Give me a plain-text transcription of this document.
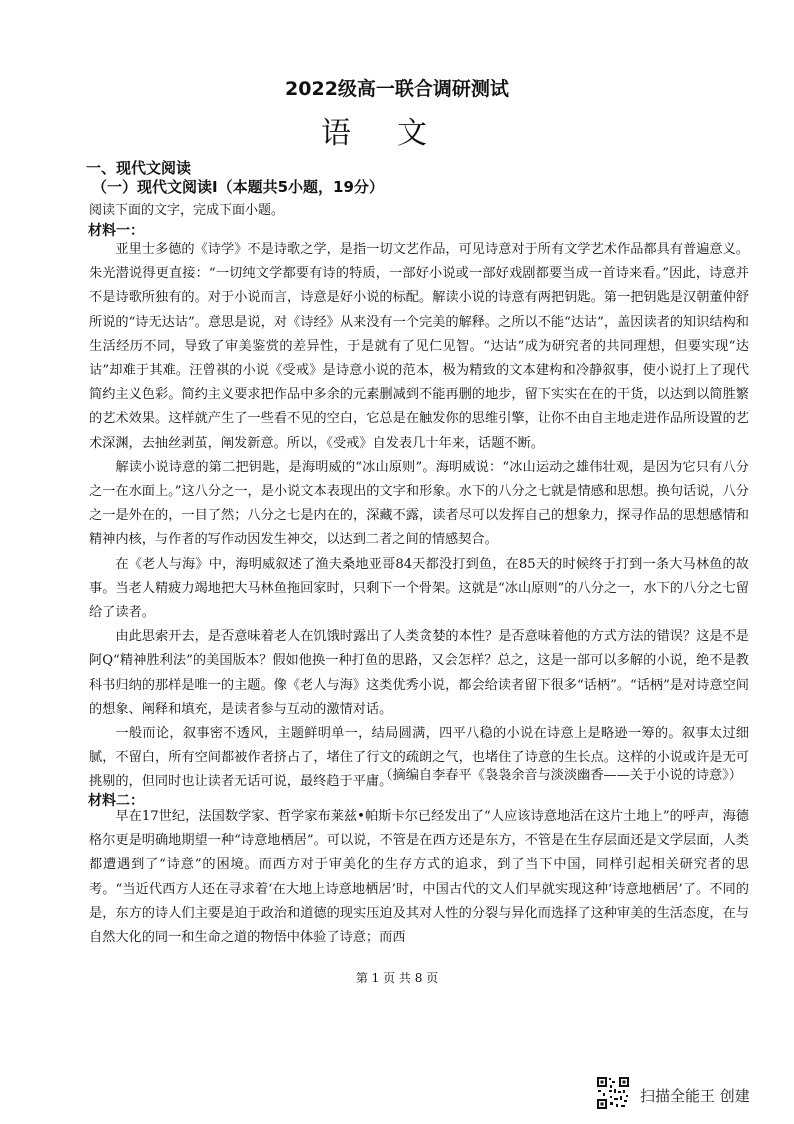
2022级高一联合调研测试
语文
一、现代文阅读
（一）现代文阅读Ⅰ（本题共5小题，19分）
阅读下面的文字，完成下面小题。
材料一：

亚里士多德的《诗学》不是诗歌之学，是指一切文艺作品，可见诗意对于所有文学艺术作品都具有普遍意义。朱光潜说得更直接：“一切纯文学都要有诗的特质，一部好小说或一部好戏剧都要当成一首诗来看。”因此，诗意并不是诗歌所独有的。对于小说而言，诗意是好小说的标配。解读小说的诗意有两把钥匙。第一把钥匙是汉朝董仲舒所说的“诗无达诂”。意思是说，对《诗经》从来没有一个完美的解释。之所以不能“达诂”，盖因读者的知识结构和生活经历不同，导致了审美鉴赏的差异性，于是就有了见仁见智。“达诂”成为研究者的共同理想，但要实现“达诂”却难于其难。汪曾祺的小说《受戒》是诗意小说的范本，极为精致的文本建构和冷静叙事，使小说打上了现代简约主义色彩。简约主义要求把作品中多余的元素删减到不能再删的地步，留下实实在在的干货，以达到以简胜繁的艺术效果。这样就产生了一些看不见的空白，它总是在触发你的思维引擎，让你不由自主地走进作品所设置的艺术深渊，去抽丝剥茧，阐发新意。所以，《受戒》自发表几十年来，话题不断。

解读小说诗意的第二把钥匙，是海明威的“冰山原则”。海明威说：“冰山运动之雄伟壮观，是因为它只有八分之一在水面上。”这八分之一，是小说文本表现出的文字和形象。水下的八分之七就是情感和思想。换句话说，八分之一是外在的，一目了然；八分之七是内在的，深藏不露，读者尽可以发挥自己的想象力，探寻作品的思想感情和精神内核，与作者的写作动因发生神交，以达到二者之间的情感契合。

在《老人与海》中，海明威叙述了渔夫桑地亚哥84天都没打到鱼，在85天的时候终于打到一条大马林鱼的故事。当老人精疲力竭地把大马林鱼拖回家时，只剩下一个骨架。这就是“冰山原则”的八分之一，水下的八分之七留给了读者。

由此思索开去，是否意味着老人在饥饿时露出了人类贪婪的本性？是否意味着他的方式方法的错误？这是不是阿Q“精神胜利法”的美国版本？假如他换一种打鱼的思路，又会怎样？总之，这是一部可以多解的小说，绝不是教科书归纳的那样是唯一的主题。像《老人与海》这类优秀小说，都会给读者留下很多“话柄”。“话柄”是对诗意空间的想象、阐释和填充，是读者参与互动的激情对话。

一般而论，叙事密不透风，主题鲜明单一，结局圆满，四平八稳的小说在诗意上是略逊一筹的。叙事太过细腻，不留白，所有空间都被作者挤占了，堵住了行文的疏朗之气，也堵住了诗意的生长点。这样的小说或许是无可挑剔的，但同时也让读者无话可说，最终趋于平庸。

（摘编自李春平《袅袅余音与淡淡幽香——关于小说的诗意》）
材料二：

早在17世纪，法国数学家、哲学家布莱兹•帕斯卡尔已经发出了“人应该诗意地活在这片土地上”的呼声，海德格尔更是明确地期望一种“诗意地栖居”。可以说，不管是在西方还是东方，不管是在生存层面还是文学层面，人类都遭遇到了“诗意”的困境。而西方对于审美化的生存方式的追求，到了当下中国，同样引起相关研究者的思考。“当近代西方人还在寻求着‘在大地上诗意地栖居’时，中国古代的文人们早就实现这种‘诗意地栖居’了。不同的是，东方的诗人们主要是迫于政治和道德的现实压迫及其对人性的分裂与异化而选择了这种审美的生活态度，在与自然大化的同一和生命之道的物悟中体验了诗意；而西

第 1 页 共 8 页
扫描全能王 创建
